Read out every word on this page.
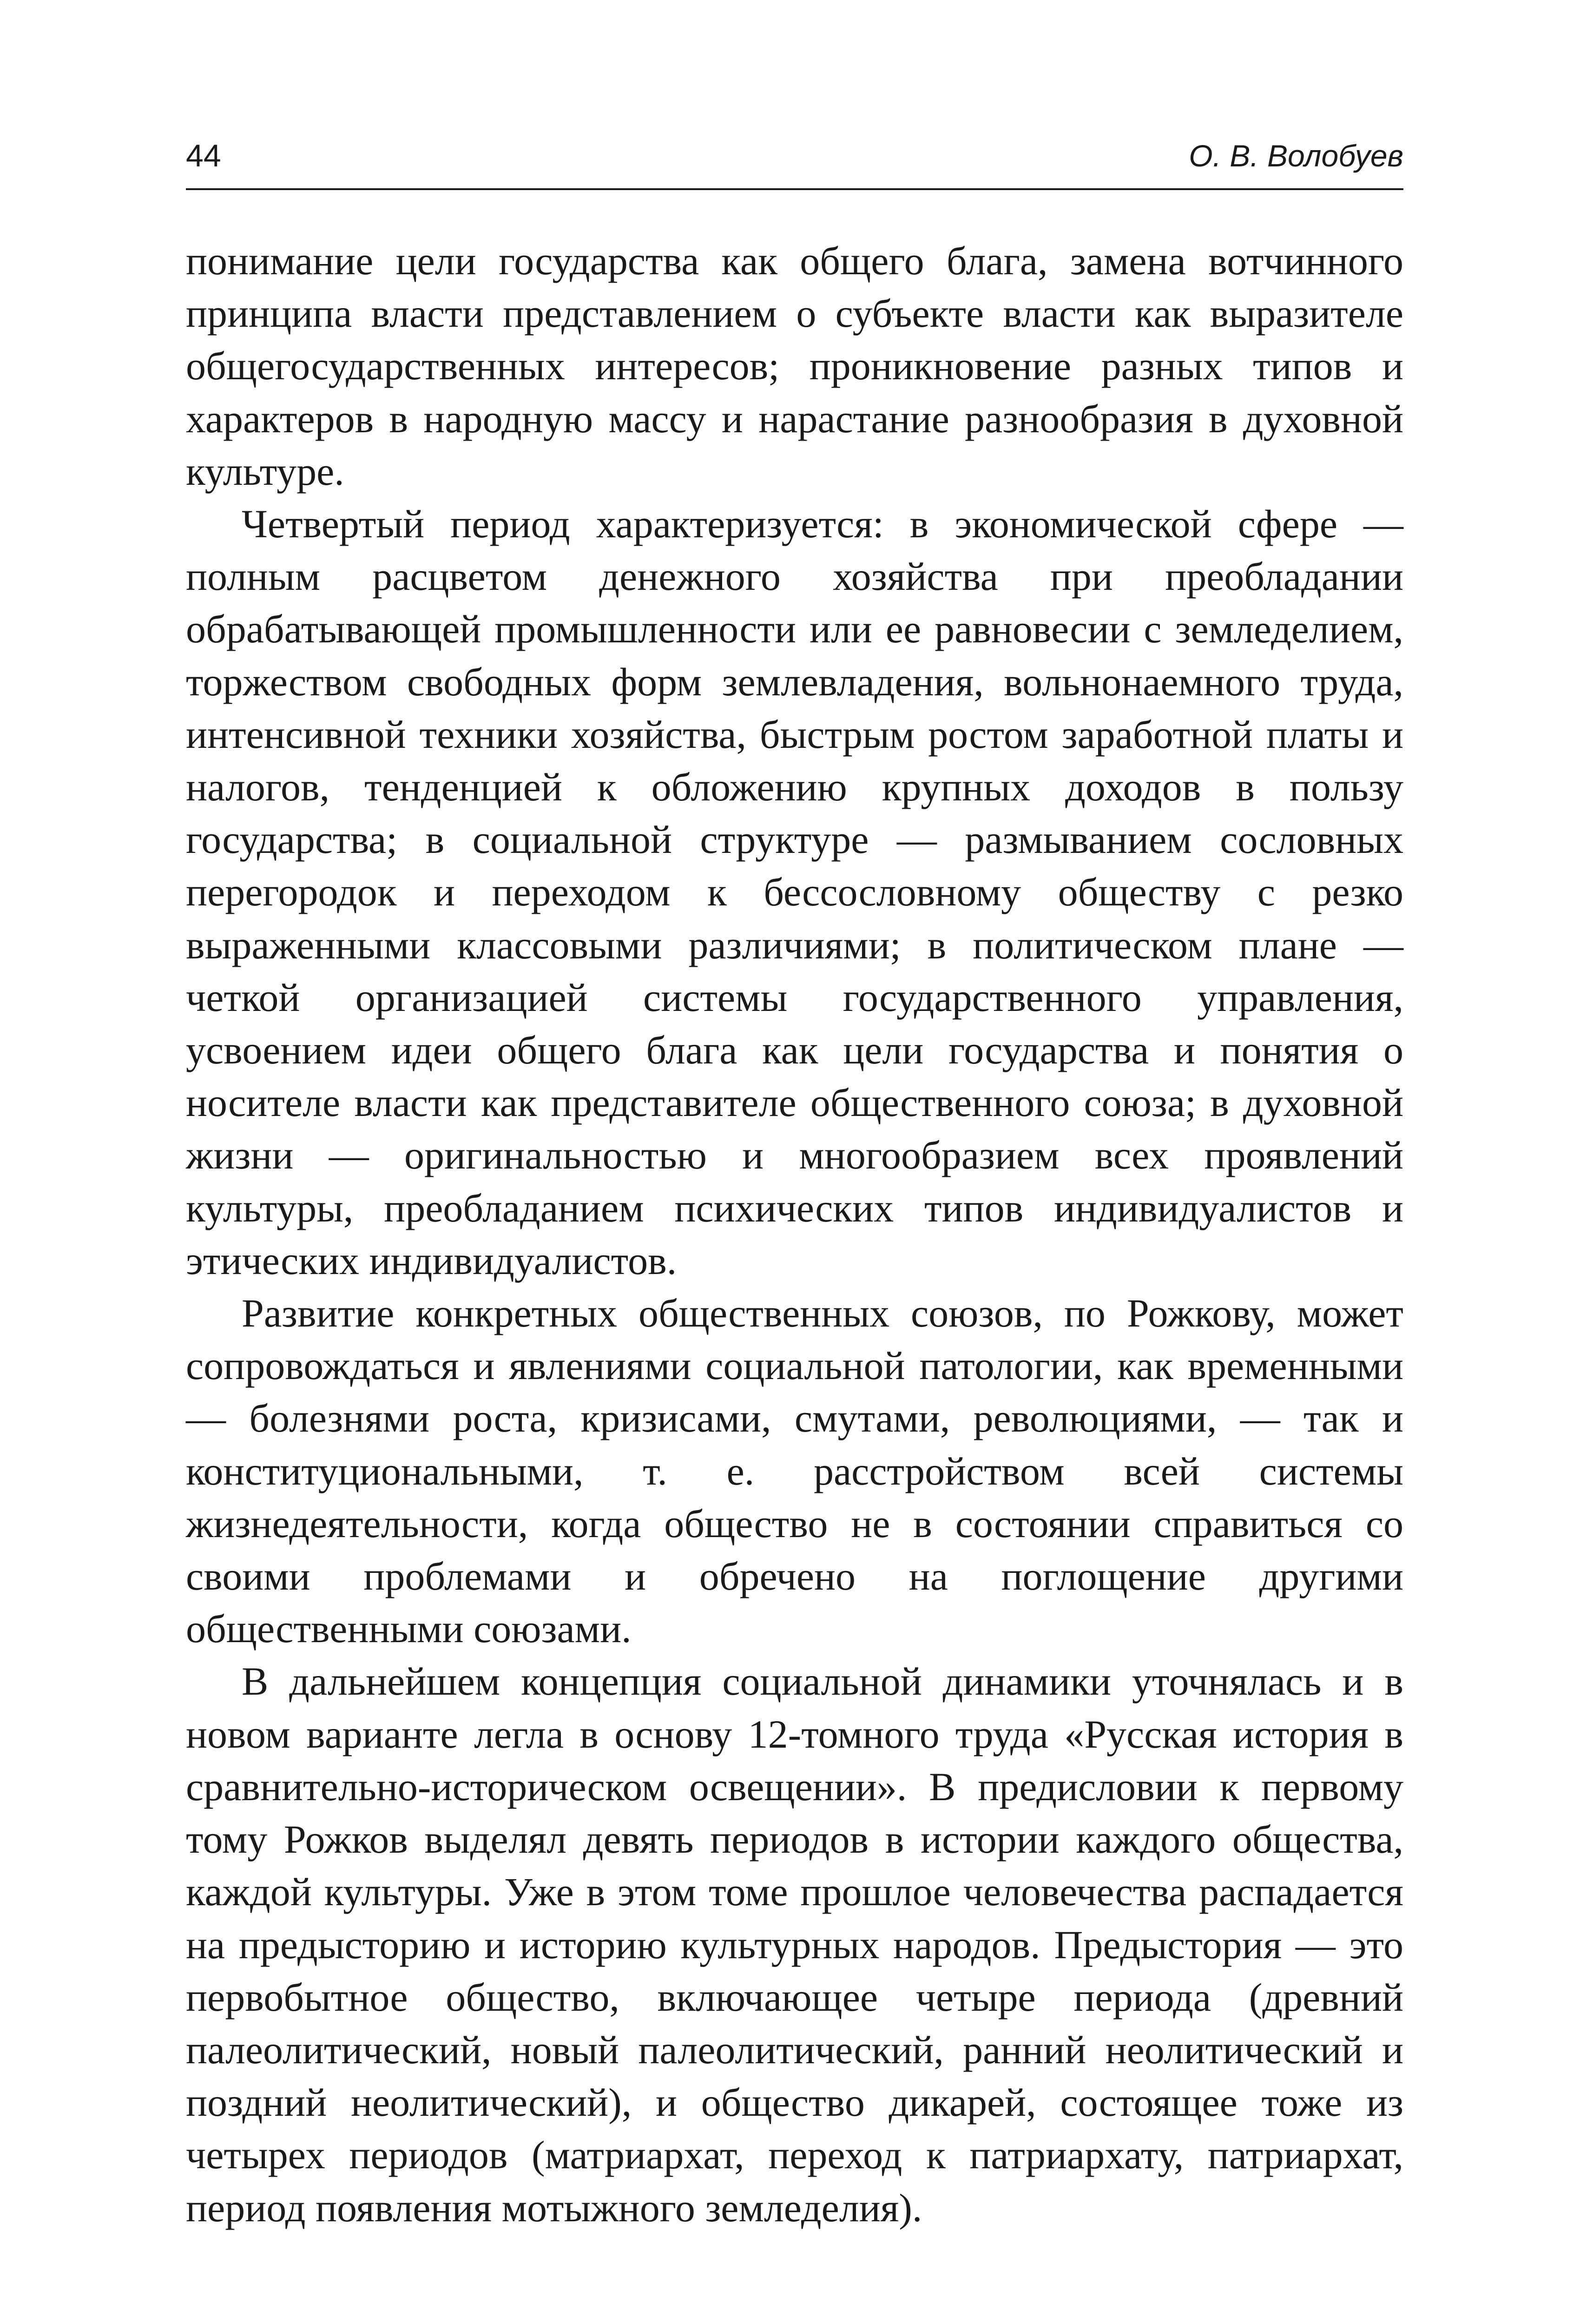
44	О. В. Волобуев

понимание цели государства как общего блага, замена вотчинного принципа власти представлением о субъекте власти как выразителе общегосударственных интересов; проникновение разных типов и характеров в народную массу и нарастание разнообразия в духовной культуре.

Четвертый период характеризуется: в экономической сфере — полным расцветом денежного хозяйства при преобладании обрабатывающей промышленности или ее равновесии с земледелием, торжеством свободных форм землевладения, вольнонаемного труда, интенсивной техники хозяйства, быстрым ростом заработной платы и налогов, тенденцией к обложению крупных доходов в пользу государства; в социальной структуре — размыванием сословных перегородок и переходом к бессословному обществу с резко выраженными классовыми различиями; в политическом плане — четкой организацией системы государственного управления, усвоением идеи общего блага как цели государства и понятия о носителе власти как представителе общественного союза; в духовной жизни — оригинальностью и многообразием всех проявлений культуры, преобладанием психических типов индивидуалистов и этических индивидуалистов.

Развитие конкретных общественных союзов, по Рожкову, может сопровождаться и явлениями социальной патологии, как временными — болезнями роста, кризисами, смутами, революциями, — так и конституциональными, т. е. расстройством всей системы жизнедеятельности, когда общество не в состоянии справиться со своими проблемами и обречено на поглощение другими общественными союзами.

В дальнейшем концепция социальной динамики уточнялась и в новом варианте легла в основу 12-томного труда «Русская история в сравнительно-историческом освещении». В предисловии к первому тому Рожков выделял девять периодов в истории каждого общества, каждой культуры. Уже в этом томе прошлое человечества распадается на предысторию и историю культурных народов. Предыстория — это первобытное общество, включающее четыре периода (древний палеолитический, новый палеолитический, ранний неолитический и поздний неолитический), и общество дикарей, состоящее тоже из четырех периодов (матриархат, переход к патриархату, патриархат, период появления мотыжного земледелия).
